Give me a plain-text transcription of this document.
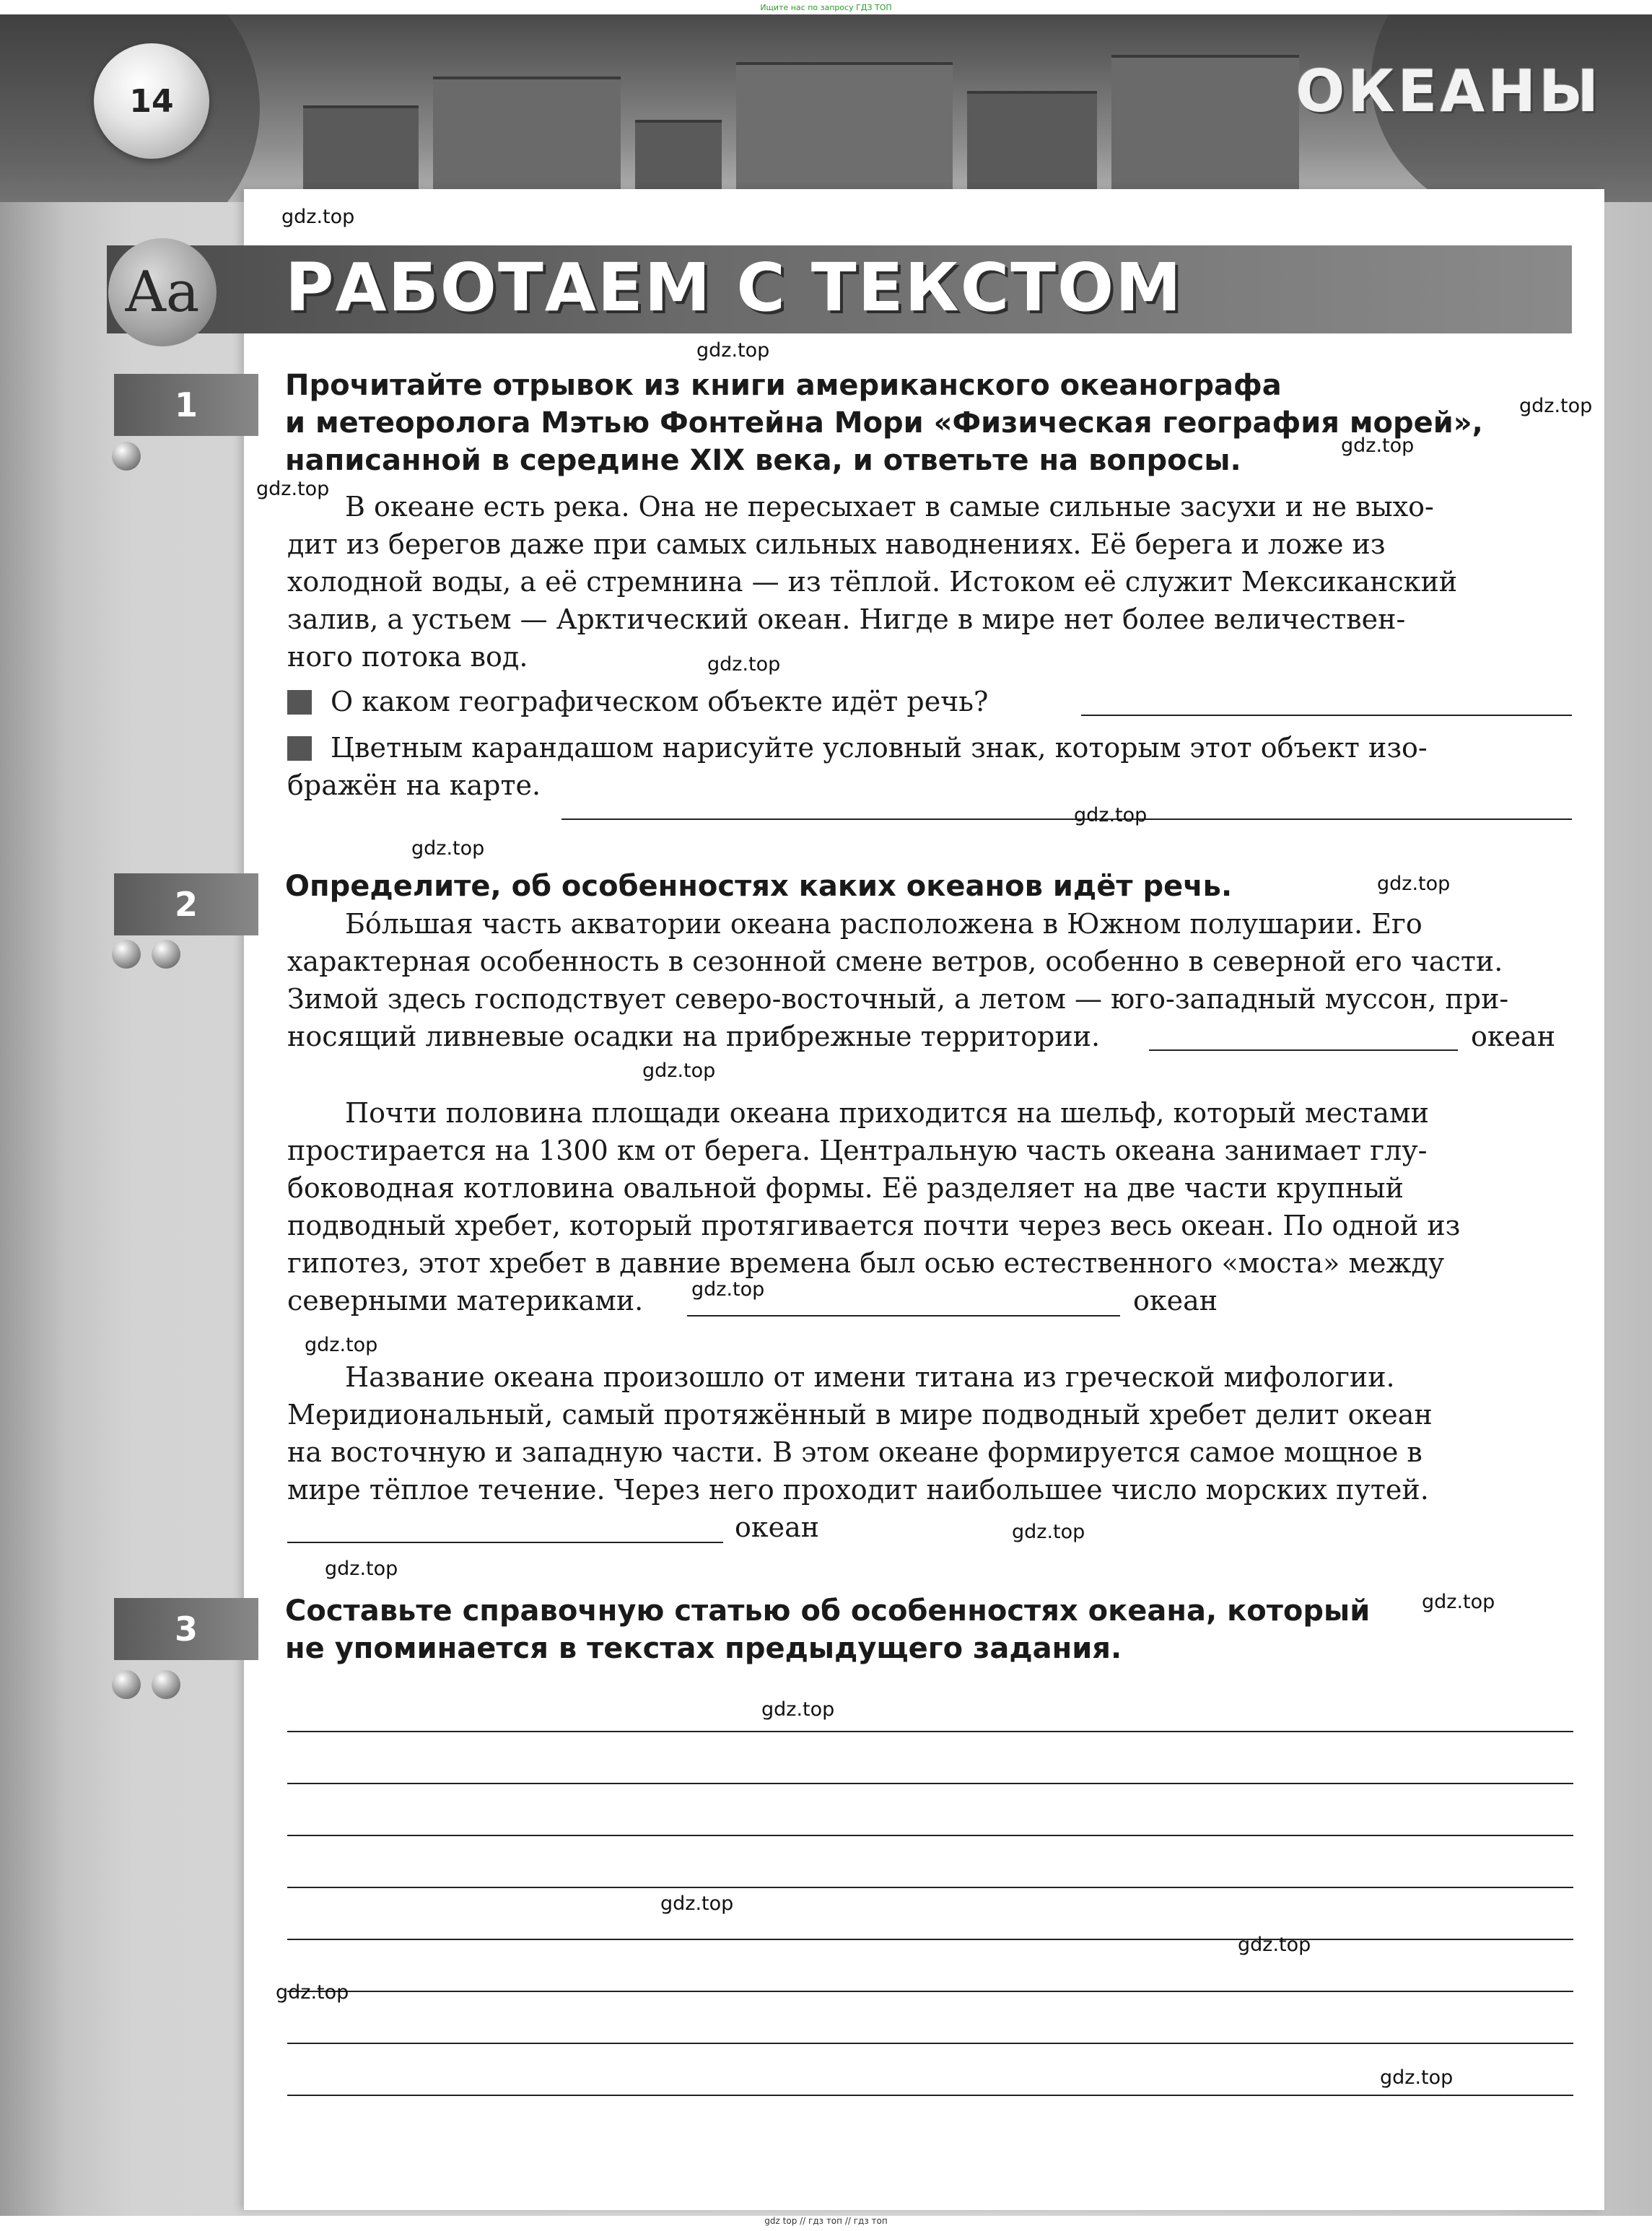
Ищите нас по запросу ГДЗ ТОП
14	ОКЕАНЫ
Aa РАБОТАЕМ С ТЕКСТОМ
1	Прочитайте отрывок из книги американского океанографа
и метеоролога Мэтью Фонтейна Мори «Физическая география морей»,
написанной в середине XIX века, и ответьте на вопросы.
В океане есть река. Она не пересыхает в самые сильные засухи и не выхо-
дит из берегов даже при самых сильных наводнениях. Её берега и ложе из
холодной воды, а её стремнина — из тёплой. Истоком её служит Мексиканский
залив, а устьем — Арктический океан. Нигде в мире нет более величествен-
ного потока вод.
О каком географическом объекте идёт речь?
Цветным карандашом нарисуйте условный знак, которым этот объект изо-
бражён на карте.
2	Определите, об особенностях каких океанов идёт речь.
Бóльшая часть акватории океана расположена в Южном полушарии. Его
характерная особенность в сезонной смене ветров, особенно в северной его части.
Зимой здесь господствует северо-восточный, а летом — юго-западный муссон, при-
носящий ливневые осадки на прибрежные территории.	океан
Почти половина площади океана приходится на шельф, который местами
простирается на 1300 км от берега. Центральную часть океана занимает глу-
боководная котловина овальной формы. Её разделяет на две части крупный
подводный хребет, который протягивается почти через весь океан. По одной из
гипотез, этот хребет в давние времена был осью естественного «моста» между
северными материками.	океан
Название океана произошло от имени титана из греческой мифологии.
Меридиональный, самый протяжённый в мире подводный хребет делит океан
на восточную и западную части. В этом океане формируется самое мощное в
мире тёплое течение. Через него проходит наибольшее число морских путей.
океан
3	Составьте справочную статью об особенностях океана, который
не упоминается в текстах предыдущего задания.
gdz.top
gdz.top
gdz.top
gdz.top
gdz.top
gdz.top
gdz.top
gdz.top
gdz.top
gdz.top
gdz.top
gdz.top
gdz.top
gdz.top
gdz.top
gdz.top
gdz.top
gdz.top
gdz.top
gdz.top
gdz top // гдз топ // гдз топ
